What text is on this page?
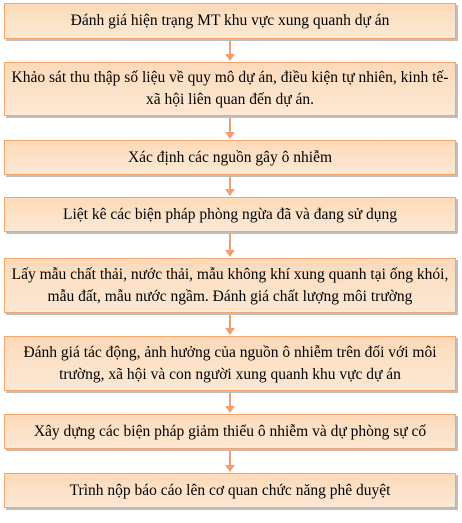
Đánh giá hiện trạng MT khu vực xung quanh dự án
Khảo sát thu thập số liệu về quy mô dự án, điều kiện tự nhiên, kinh tế-xã hội liên quan đến dự án.
Xác định các nguồn gây ô nhiễm
Liệt kê các biện pháp phòng ngừa đã và đang sử dụng
Lấy mẫu chất thải, nước thải, mẫu không khí xung quanh tại ống khói, mẫu đất, mẫu nước ngầm. Đánh giá chất lượng môi trường
Đánh giá tác động, ảnh hưởng của nguồn ô nhiễm trên đối với môi trường, xã hội và con người xung quanh khu vực dự án
Xây dựng các biện pháp giảm thiểu ô nhiễm và dự phòng sự cố
Trình nộp báo cáo lên cơ quan chức năng phê duyệt
